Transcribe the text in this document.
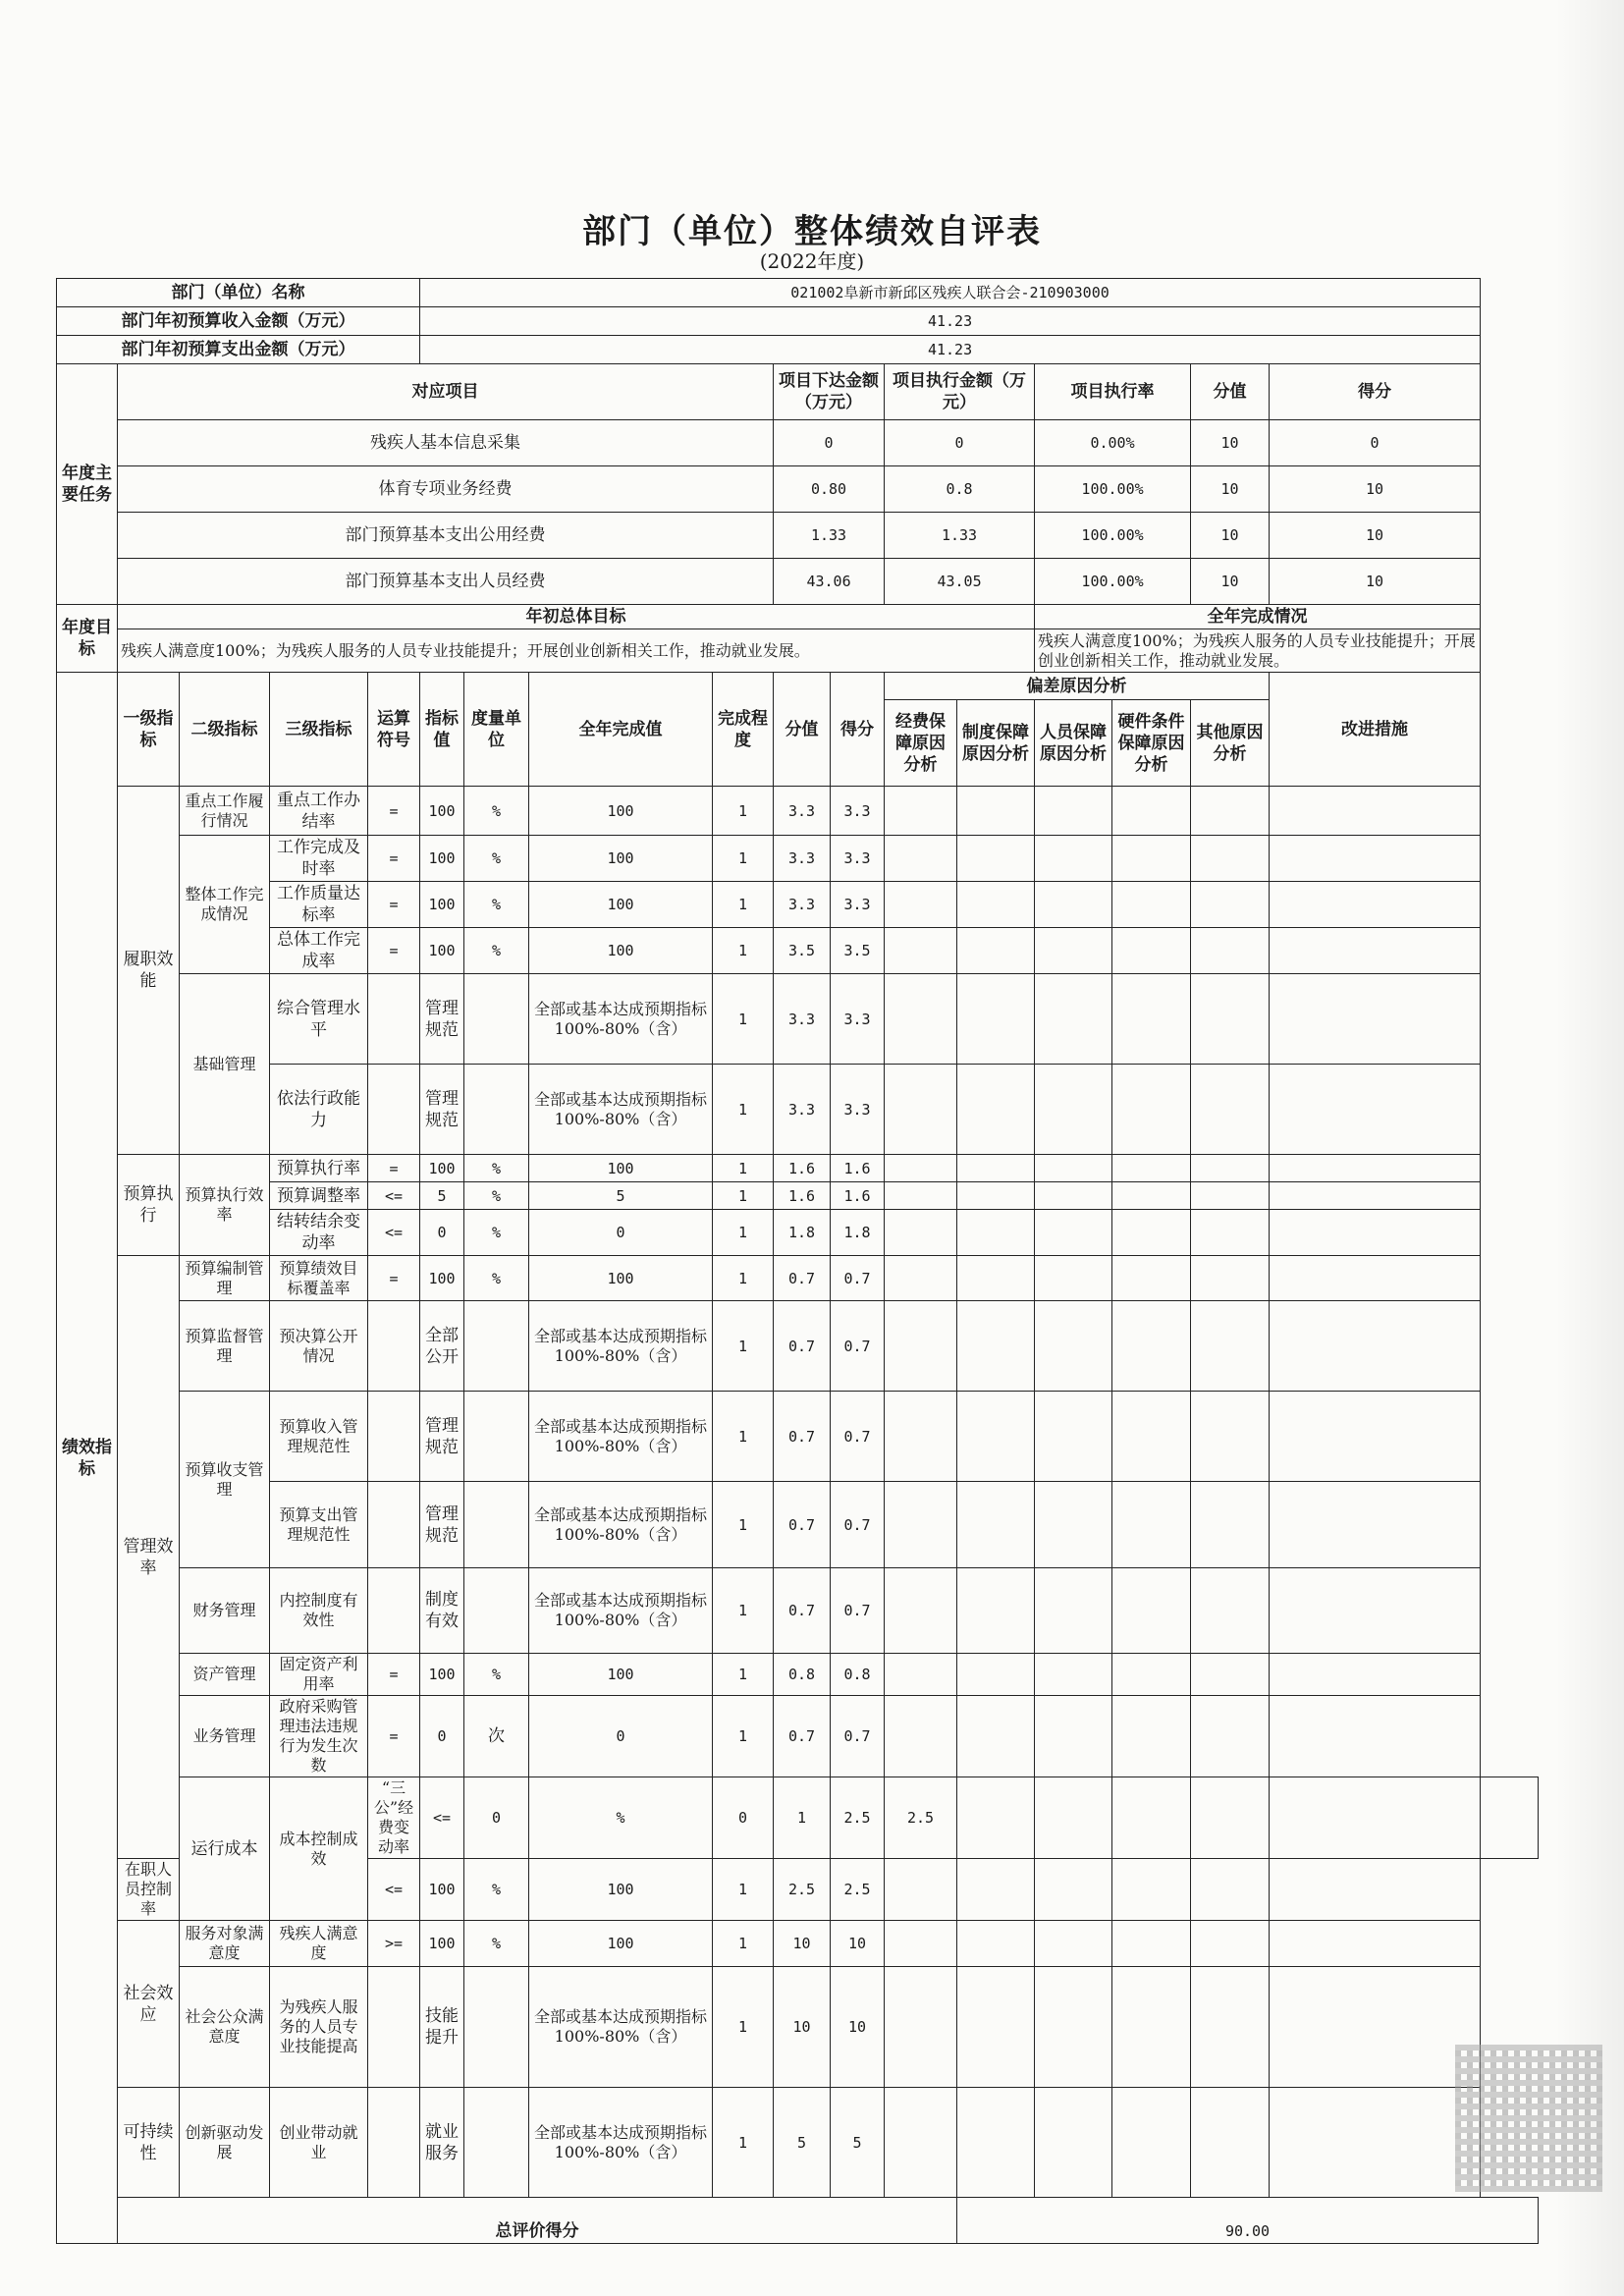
部门（单位）整体绩效自评表
(2022年度)
部门（单位）名称					021002阜新市新邱区残疾人联合会-210903000												
部门年初预算收入金额（万元）					41.23												
部门年初预算支出金额（万元）					41.23												
年度主要任务	对应项目								项目下达金额（万元）		项目执行金额（万元）		项目执行率		分值	得分	
	残疾人基本信息采集								0		0		0.00%		10	0	
	体育专项业务经费								0.80		0.8		100.00%		10	10	
	部门预算基本支出公用经费								1.33		1.33		100.00%		10	10	
	部门预算基本支出人员经费								43.06		43.05		100.00%		10	10	
年度目标	年初总体目标												全年完成情况				
	残疾人满意度100%；为残疾人服务的人员专业技能提升；开展创业创新相关工作，推动就业发展。												残疾人满意度100%；为残疾人服务的人员专业技能提升；开展创业创新相关工作，推动就业发展。				
绩效指标	一级指标	二级指标	三级指标	运算符号	指标值	度量单位	全年完成值	完成程度	分值	得分	偏差原因分析					改进措施	
											经费保障原因分析	制度保障原因分析	人员保障原因分析	硬件条件保障原因分析	其他原因分析		
	履职效能	重点工作履行情况	重点工作办结率	=	100	%	100	1	3.3	3.3							
		整体工作完成情况	工作完成及时率	=	100	%	100	1	3.3	3.3							
			工作质量达标率	=	100	%	100	1	3.3	3.3							
			总体工作完成率	=	100	%	100	1	3.5	3.5							
		基础管理	综合管理水平		管理规范		全部或基本达成预期指标100%-80%（含）	1	3.3	3.3							
			依法行政能力		管理规范		全部或基本达成预期指标100%-80%（含）	1	3.3	3.3							
	预算执行	预算执行效率	预算执行率	=	100	%	100	1	1.6	1.6							
			预算调整率	<=	5	%	5	1	1.6	1.6							
			结转结余变动率	<=	0	%	0	1	1.8	1.8							
	管理效率	预算编制管理	预算绩效目标覆盖率	=	100	%	100	1	0.7	0.7							
		预算监督管理	预决算公开情况		全部公开		全部或基本达成预期指标100%-80%（含）	1	0.7	0.7							
		预算收支管理	预算收入管理规范性		管理规范		全部或基本达成预期指标100%-80%（含）	1	0.7	0.7							
			预算支出管理规范性		管理规范		全部或基本达成预期指标100%-80%（含）	1	0.7	0.7							
		财务管理	内控制度有效性		制度有效		全部或基本达成预期指标100%-80%（含）	1	0.7	0.7							
		资产管理	固定资产利用率	=	100	%	100	1	0.8	0.8							
		业务管理	政府采购管理违法违规行为发生次数	=	0	次	0	1	0.7	0.7							
		运行成本	成本控制成效	“三公”经费变动率	<=	0	%	0	1	2.5	2.5						
	在职人员控制率			<=	100	%	100	1	2.5	2.5							
	社会效应	服务对象满意度	残疾人满意度	>=	100	%	100	1	10	10							
		社会公众满意度	为残疾人服务的人员专业技能提高		技能提升		全部或基本达成预期指标100%-80%（含）	1	10	10							
	可持续性	创新驱动发展	创业带动就业		就业服务		全部或基本达成预期指标100%-80%（含）	1	5	5							
	总评价得分											90.00					
